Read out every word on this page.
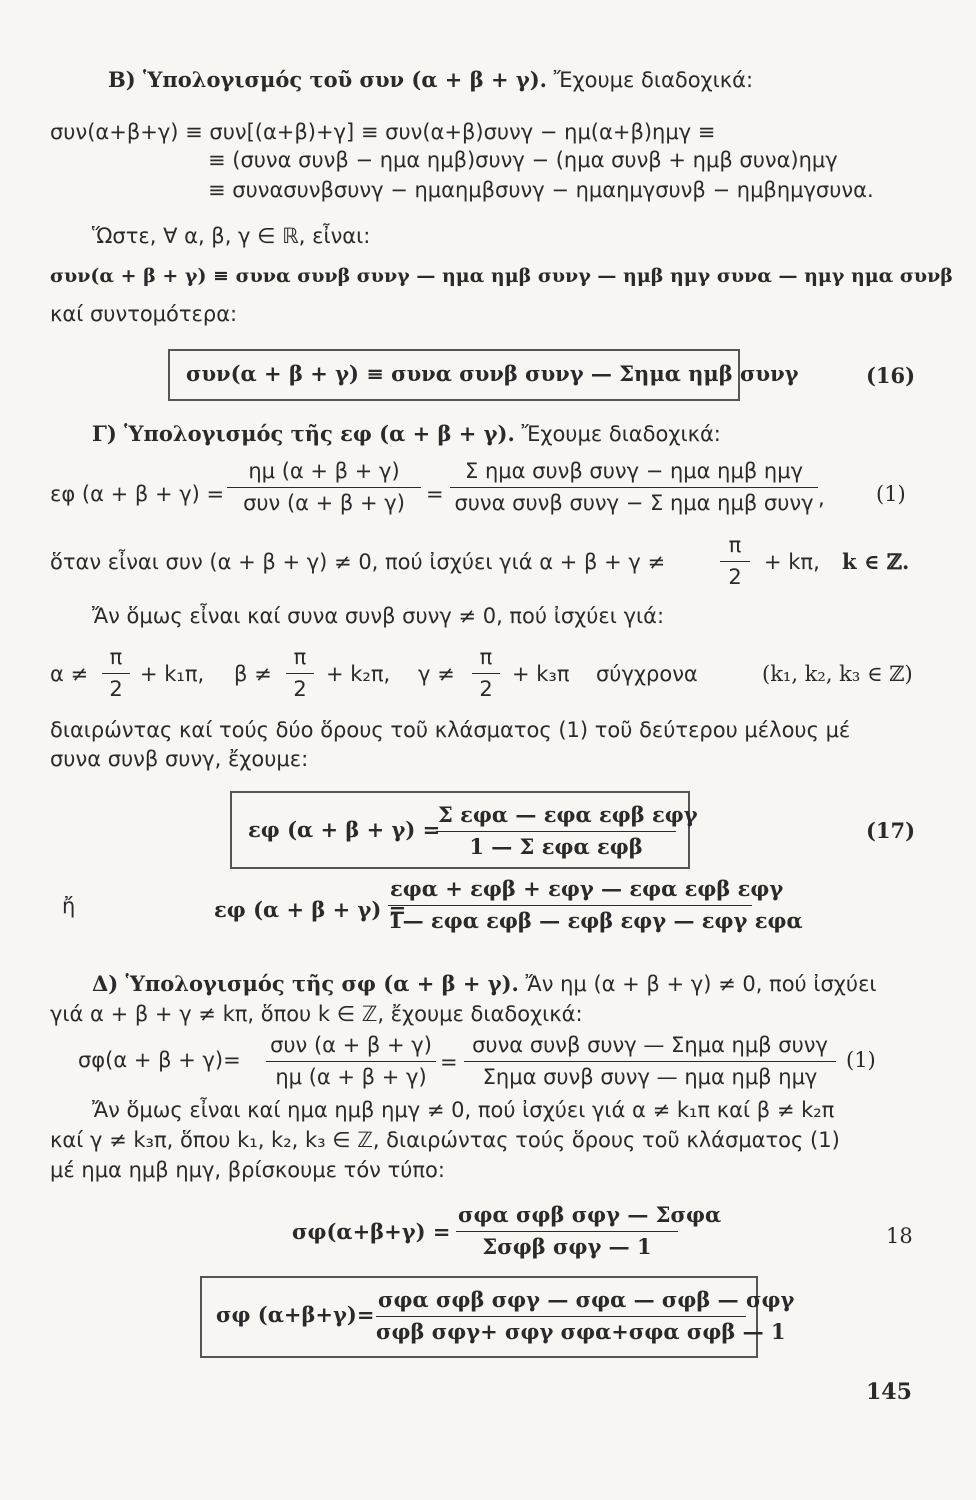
Β) Ὑπολογισμός τοῦ συν (α + β + γ). Ἔχουμε διαδοχικά:
συν(α+β+γ) ≡ συν[(α+β)+γ] ≡ συν(α+β)συνγ − ημ(α+β)ημγ ≡
≡ (συνα συνβ − ημα ημβ)συνγ − (ημα συνβ + ημβ συνα)ημγ
≡ συνασυνβσυνγ − ημαημβσυνγ − ημαημγσυνβ − ημβημγσυνα.
Ὥστε, ∀ α, β, γ ∈ ℝ, εἶναι:
συν(α + β + γ) ≡ συνα συνβ συνγ — ημα ημβ συνγ — ημβ ημγ συνα — ημγ ημα συνβ
καί συντομότερα:
συν(α + β + γ) ≡ συνα συνβ συνγ — Σημα ημβ συνγ	(16)
Γ) Ὑπολογισμός τῆς εφ (α + β + γ). Ἔχουμε διαδοχικά:
εφ (α + β + γ) =
ημ (α + β + γ)
συν (α + β + γ)	=
Σ ημα συνβ συνγ − ημα ημβ ημγ
συνα συνβ συνγ − Σ ημα ημβ συνγ , (1)
ὅταν εἶναι συν (α + β + γ) ≠ 0, πού ἰσχύει γιά α + β + γ ≠	$\frac{\pi}{2} + k\pi$, k ∈ ℤ.
Ἄν ὅμως εἶναι καί συνα συνβ συνγ ≠ 0, πού ἰσχύει γιά:
$\alpha \ne \frac{\pi}{2} + k_1\pi$, $\beta \ne \frac{\pi}{2} + k_2\pi$, $\gamma \ne \frac{\pi}{2} + k_3\pi$ σύγχρονα	(k₁, k₂, k₃ ∈ ℤ)
διαιρώντας καί τούς δύο ὅρους τοῦ κλάσματος (1) τοῦ δεύτερου μέλους μέ
συνα συνβ συνγ, ἔχουμε:
εφ (α + β + γ) =
Σ εφα — εφα εφβ εφγ
1 — Σ εφα εφβ
(17)
ἤ	εφ (α + β + γ) =
εφα + εφβ + εφγ — εφα εφβ εφγ
1— εφα εφβ — εφβ εφγ — εφγ εφα
Δ) Ὑπολογισμός τῆς σφ (α + β + γ). Ἄν ημ (α + β + γ) ≠ 0, πού ἰσχύει
γιά α + β + γ ≠ kπ, ὅπου k ∈ ℤ, ἔχουμε διαδοχικά:
σφ(α + β + γ)=
συν (α + β + γ)
ημ (α + β + γ)
=
συνα συνβ συνγ — Σημα ημβ συνγ
Σημα συνβ συνγ — ημα ημβ ημγ
(1)
Ἄν ὅμως εἶναι καί ημα ημβ ημγ ≠ 0, πού ἰσχύει γιά α ≠ k₁π καί β ≠ k₂π
καί γ ≠ k₃π, ὅπου k₁, k₂, k₃ ∈ ℤ, διαιρώντας τούς ὅρους τοῦ κλάσματος (1)
μέ ημα ημβ ημγ, βρίσκουμε τόν τύπο:
σφ(α+β+γ) =
σφα σφβ σφγ — Σσφα
Σσφβ σφγ — 1	18
σφ (α+β+γ)=
σφα σφβ σφγ — σφα — σφβ — σφγ
σφβ σφγ+ σφγ σφα+σφα σφβ — 1
145
